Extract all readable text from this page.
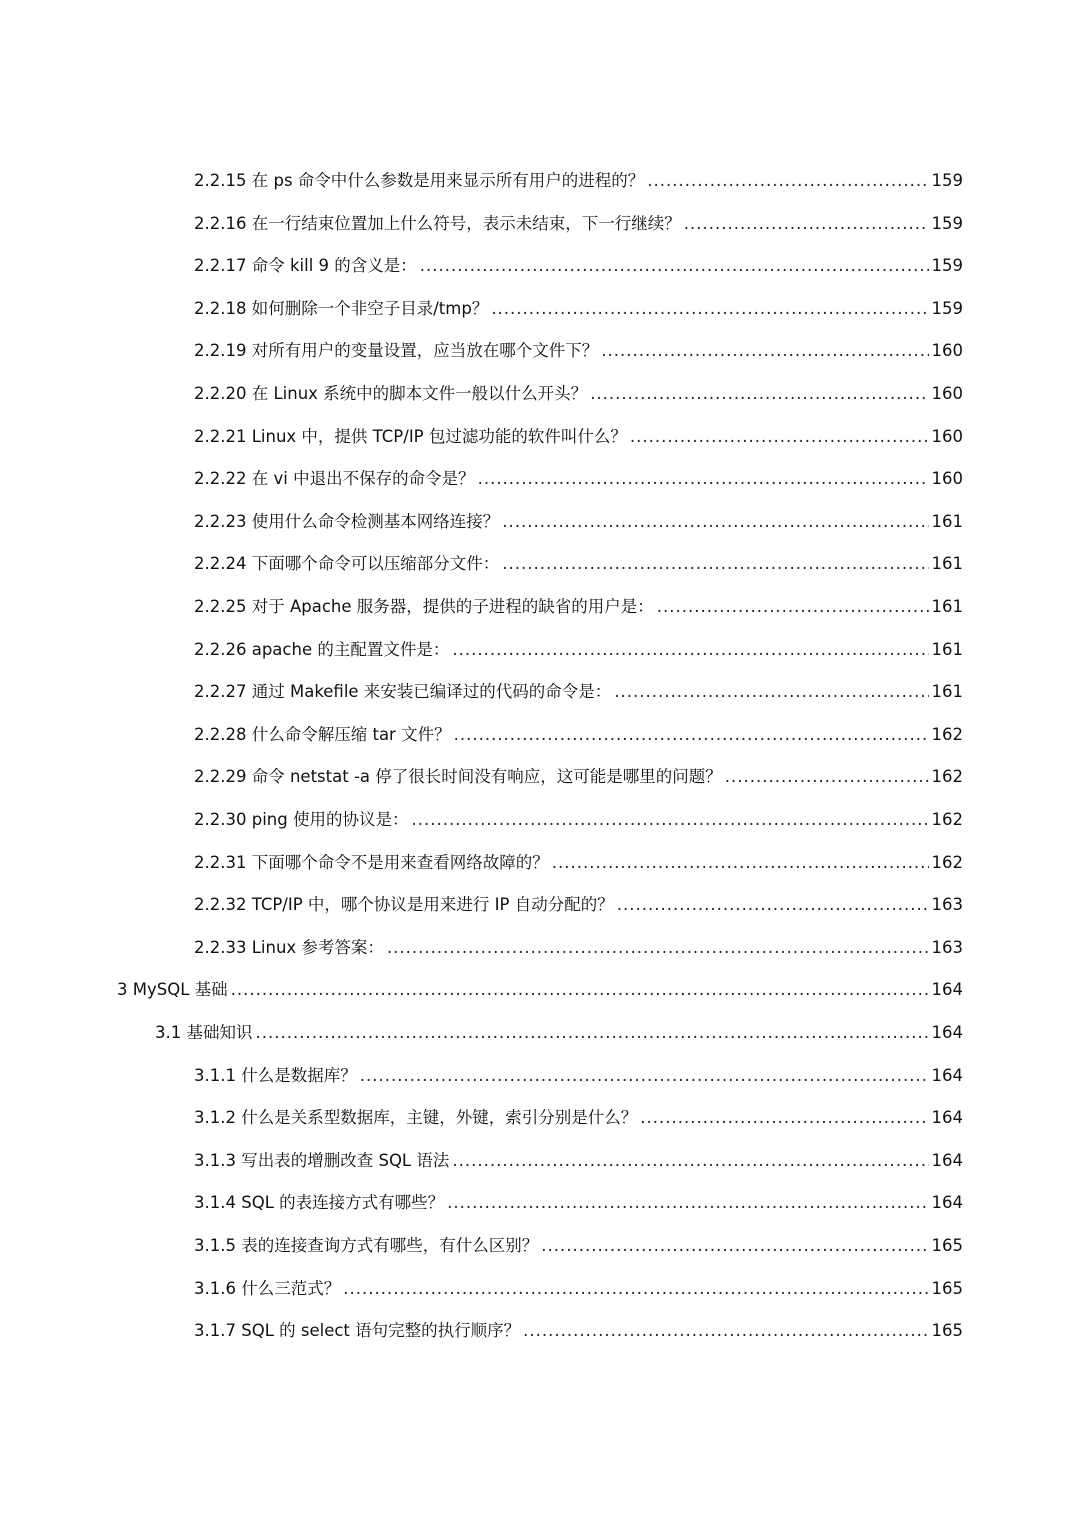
2.2.15 在 ps 命令中什么参数是用来显示所有用户的进程的？ .....	159
2.2.16 在一行结束位置加上什么符号，表示未结束，下一行继续？ .....	159
2.2.17 命令 kill 9 的含义是： .....	159
2.2.18 如何删除一个非空子目录/tmp？ .....	159
2.2.19 对所有用户的变量设置，应当放在哪个文件下？ .....	160
2.2.20 在 Linux 系统中的脚本文件一般以什么开头？ .....	160
2.2.21 Linux 中，提供 TCP/IP 包过滤功能的软件叫什么？ .....	160
2.2.22 在 vi 中退出不保存的命令是？ .....	160
2.2.23 使用什么命令检测基本网络连接？ .....	161
2.2.24 下面哪个命令可以压缩部分文件： .....	161
2.2.25 对于 Apache 服务器，提供的子进程的缺省的用户是： .....	161
2.2.26 apache 的主配置文件是： .....	161
2.2.27 通过 Makefile 来安装已编译过的代码的命令是： .....	161
2.2.28 什么命令解压缩 tar 文件？ .....	162
2.2.29 命令 netstat -a 停了很长时间没有响应，这可能是哪里的问题？ .....	162
2.2.30 ping 使用的协议是： .....	162
2.2.31 下面哪个命令不是用来查看网络故障的？ .....	162
2.2.32 TCP/IP 中，哪个协议是用来进行 IP 自动分配的？ .....	163
2.2.33 Linux 参考答案： .....	163
3 MySQL 基础 .....	164
3.1 基础知识 .....	164
3.1.1 什么是数据库？ .....	164
3.1.2 什么是关系型数据库，主键，外键，索引分别是什么？ .....	164
3.1.3 写出表的增删改查 SQL 语法 .....	164
3.1.4 SQL 的表连接方式有哪些？ .....	164
3.1.5 表的连接查询方式有哪些，有什么区别？ .....	165
3.1.6 什么三范式？ .....	165
3.1.7 SQL 的 select 语句完整的执行顺序？ .....	165
